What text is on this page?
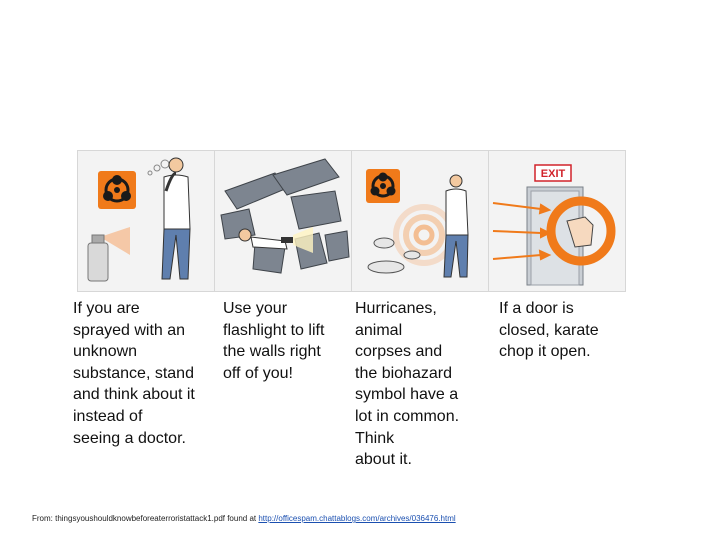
EXIT
If you are
sprayed with an
unknown
substance, stand
and think about it
instead of
seeing a doctor.
Use your
flashlight to lift
the walls right
off of you!
Hurricanes,
animal
corpses and
the biohazard
symbol have a
lot in common.
Think
about it.
If a door is
closed, karate
chop it open.
From: thingsyoushouldknowbeforeaterroristattack1.pdf found at http://officespam.chattablogs.com/archives/036476.html
